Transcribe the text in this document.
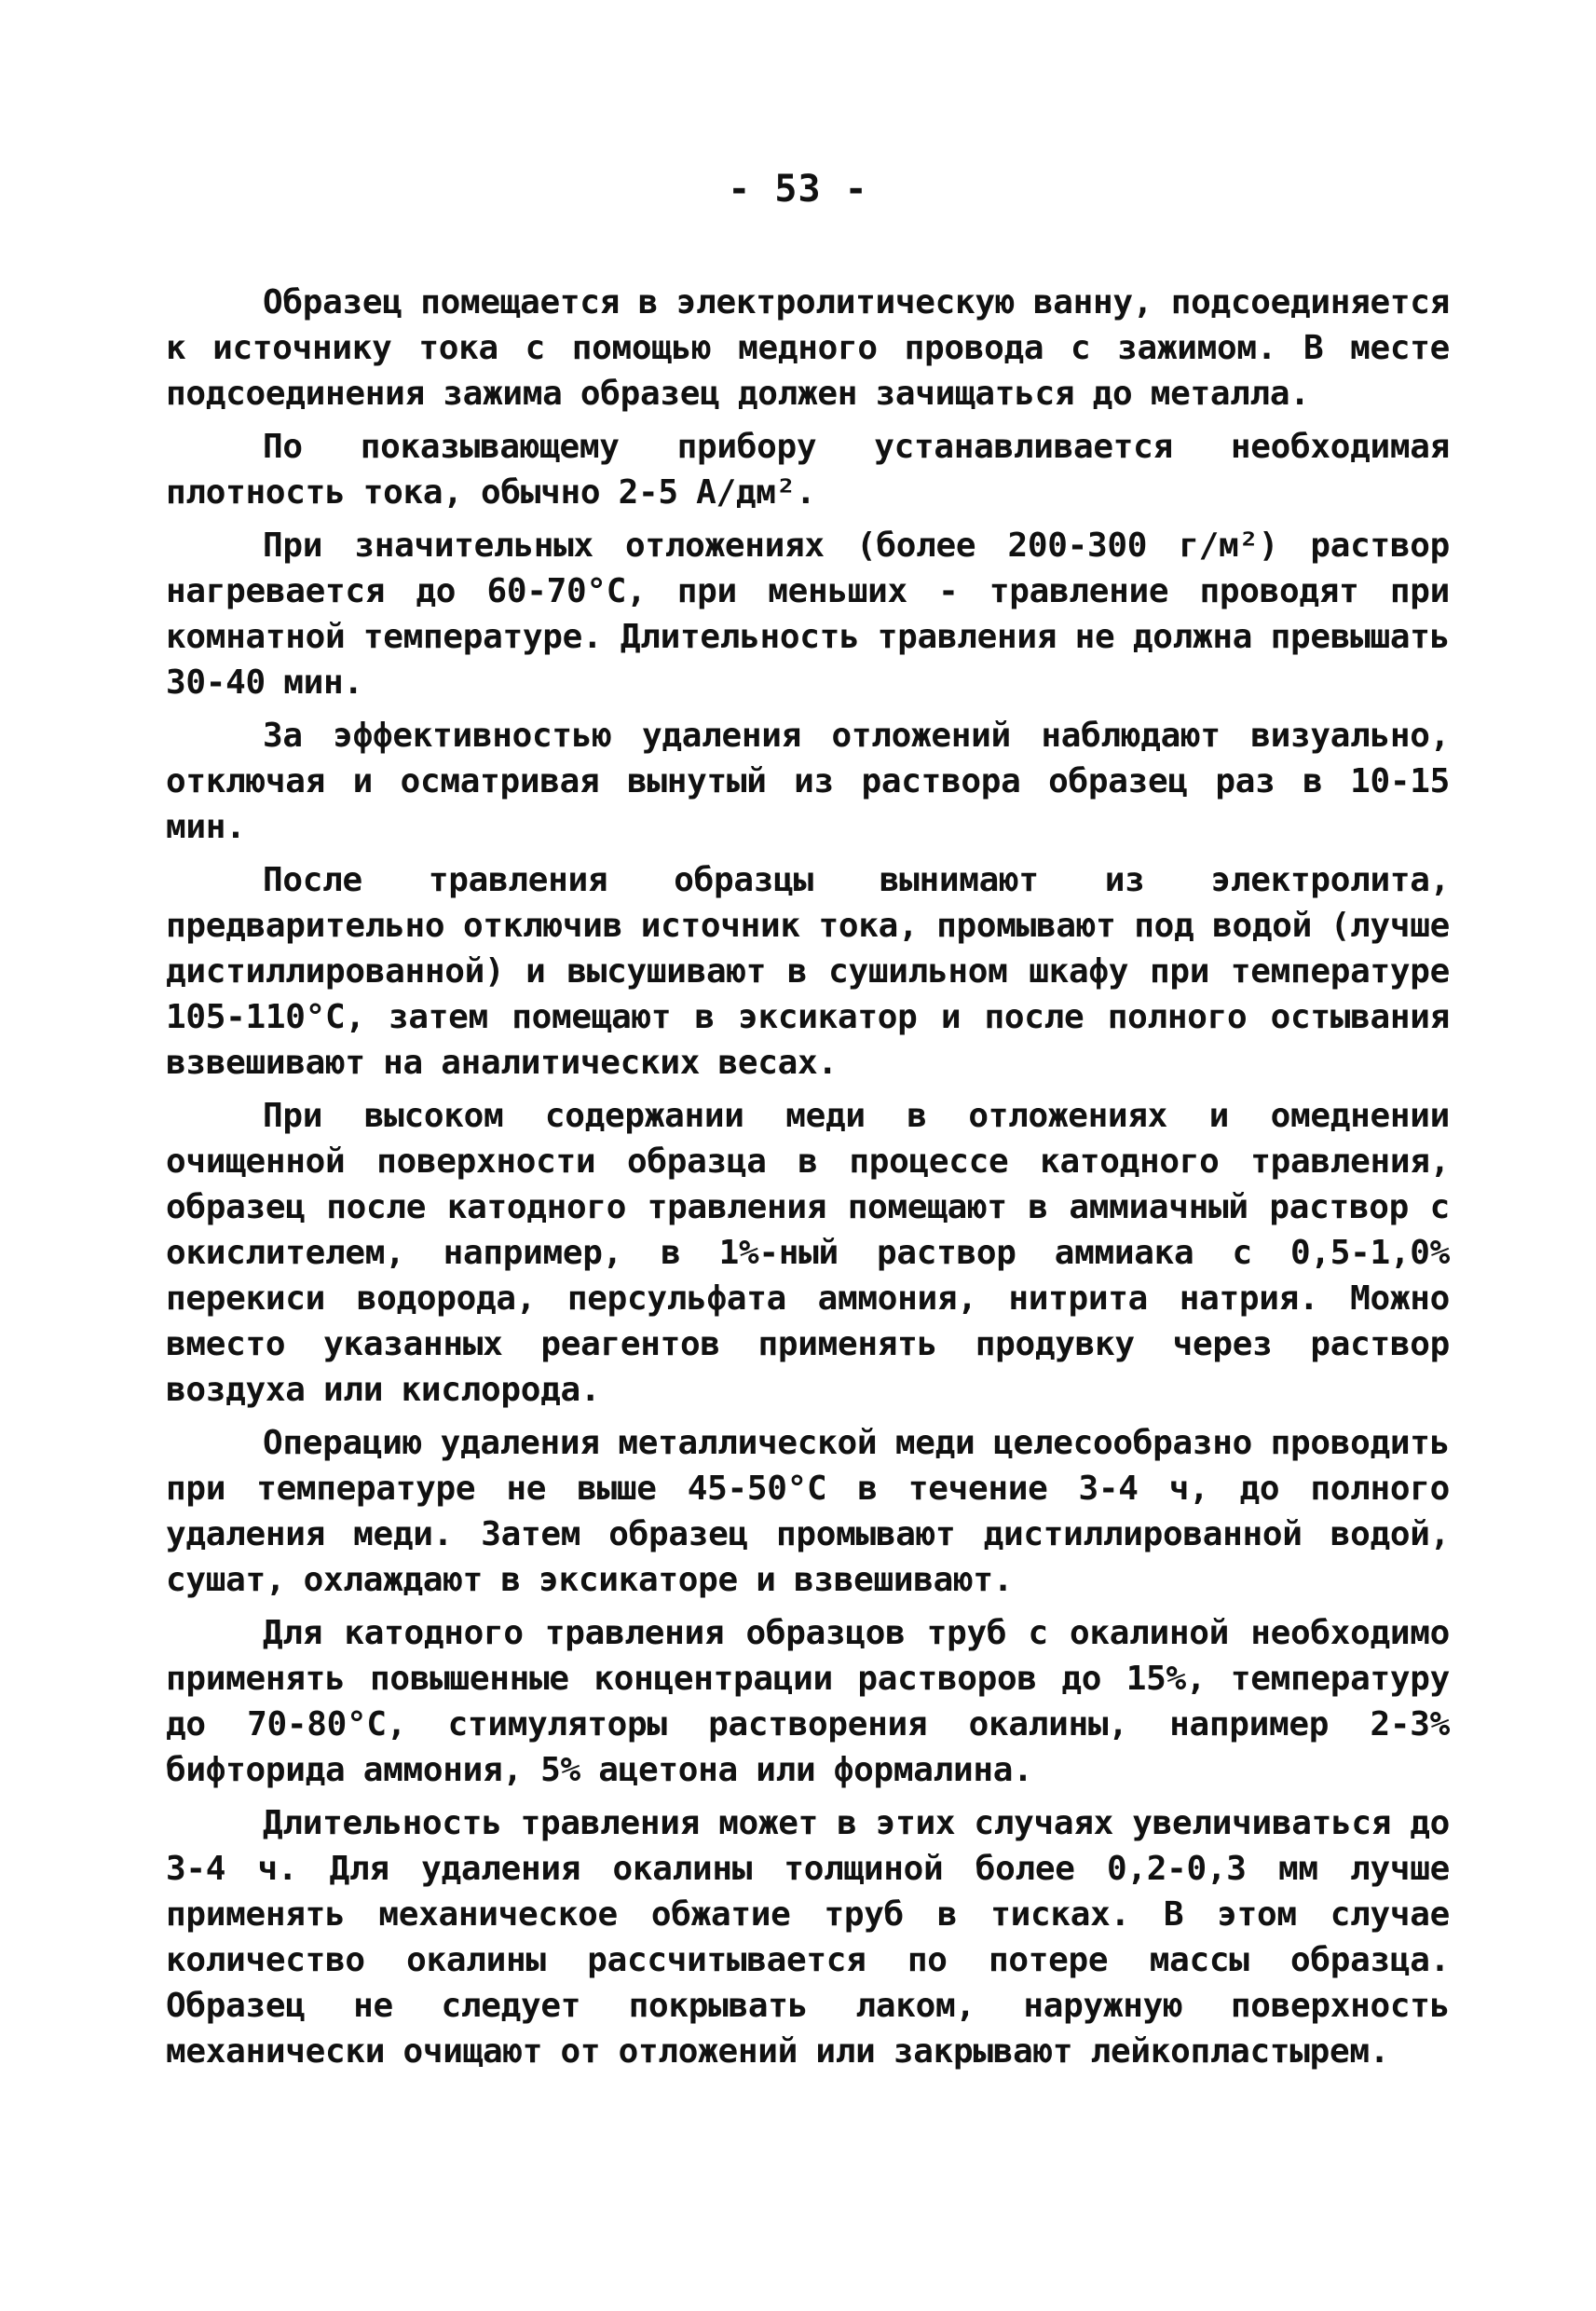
- 53 -

Образец помещается в электролитическую ванну, подсоединяется к источнику тока с помощью медного провода с зажимом. В месте подсоединения зажима образец должен зачищаться до металла.

По показывающему прибору устанавливается необходимая плотность тока, обычно 2-5 А/дм².

При значительных отложениях (более 200-300 г/м²) раствор нагревается до 60-70°С, при меньших - травление проводят при комнатной температуре. Длительность травления не должна превышать 30-40 мин.

За эффективностью удаления отложений наблюдают визуально, отключая и осматривая вынутый из раствора образец раз в 10-15 мин.

После травления образцы вынимают из электролита, предварительно отключив источник тока, промывают под водой (лучше дистиллированной) и высушивают в сушильном шкафу при температуре 105-110°С, затем помещают в эксикатор и после полного остывания взвешивают на аналитических весах.

При высоком содержании меди в отложениях и омеднении очищенной поверхности образца в процессе катодного травления, образец после катодного травления помещают в аммиачный раствор с окислителем, например, в 1%-ный раствор аммиака с 0,5-1,0% перекиси водорода, персульфата аммония, нитрита натрия. Можно вместо указанных реагентов применять продувку через раствор воздуха или кислорода.

Операцию удаления металлической меди целесообразно проводить при температуре не выше 45-50°С в течение 3-4 ч, до полного удаления меди. Затем образец промывают дистиллированной водой, сушат, охлаждают в эксикаторе и взвешивают.

Для катодного травления образцов труб с окалиной необходимо применять повышенные концентрации растворов до 15%, температуру до 70-80°С, стимуляторы растворения окалины, например 2-3% бифторида аммония, 5% ацетона или формалина.

Длительность травления может в этих случаях увеличиваться до 3-4 ч. Для удаления окалины толщиной более 0,2-0,3 мм лучше применять механическое обжатие труб в тисках. В этом случае количество окалины рассчитывается по потере массы образца. Образец не следует покрывать лаком, наружную поверхность механически очищают от отложений или закрывают лейкопластырем.
